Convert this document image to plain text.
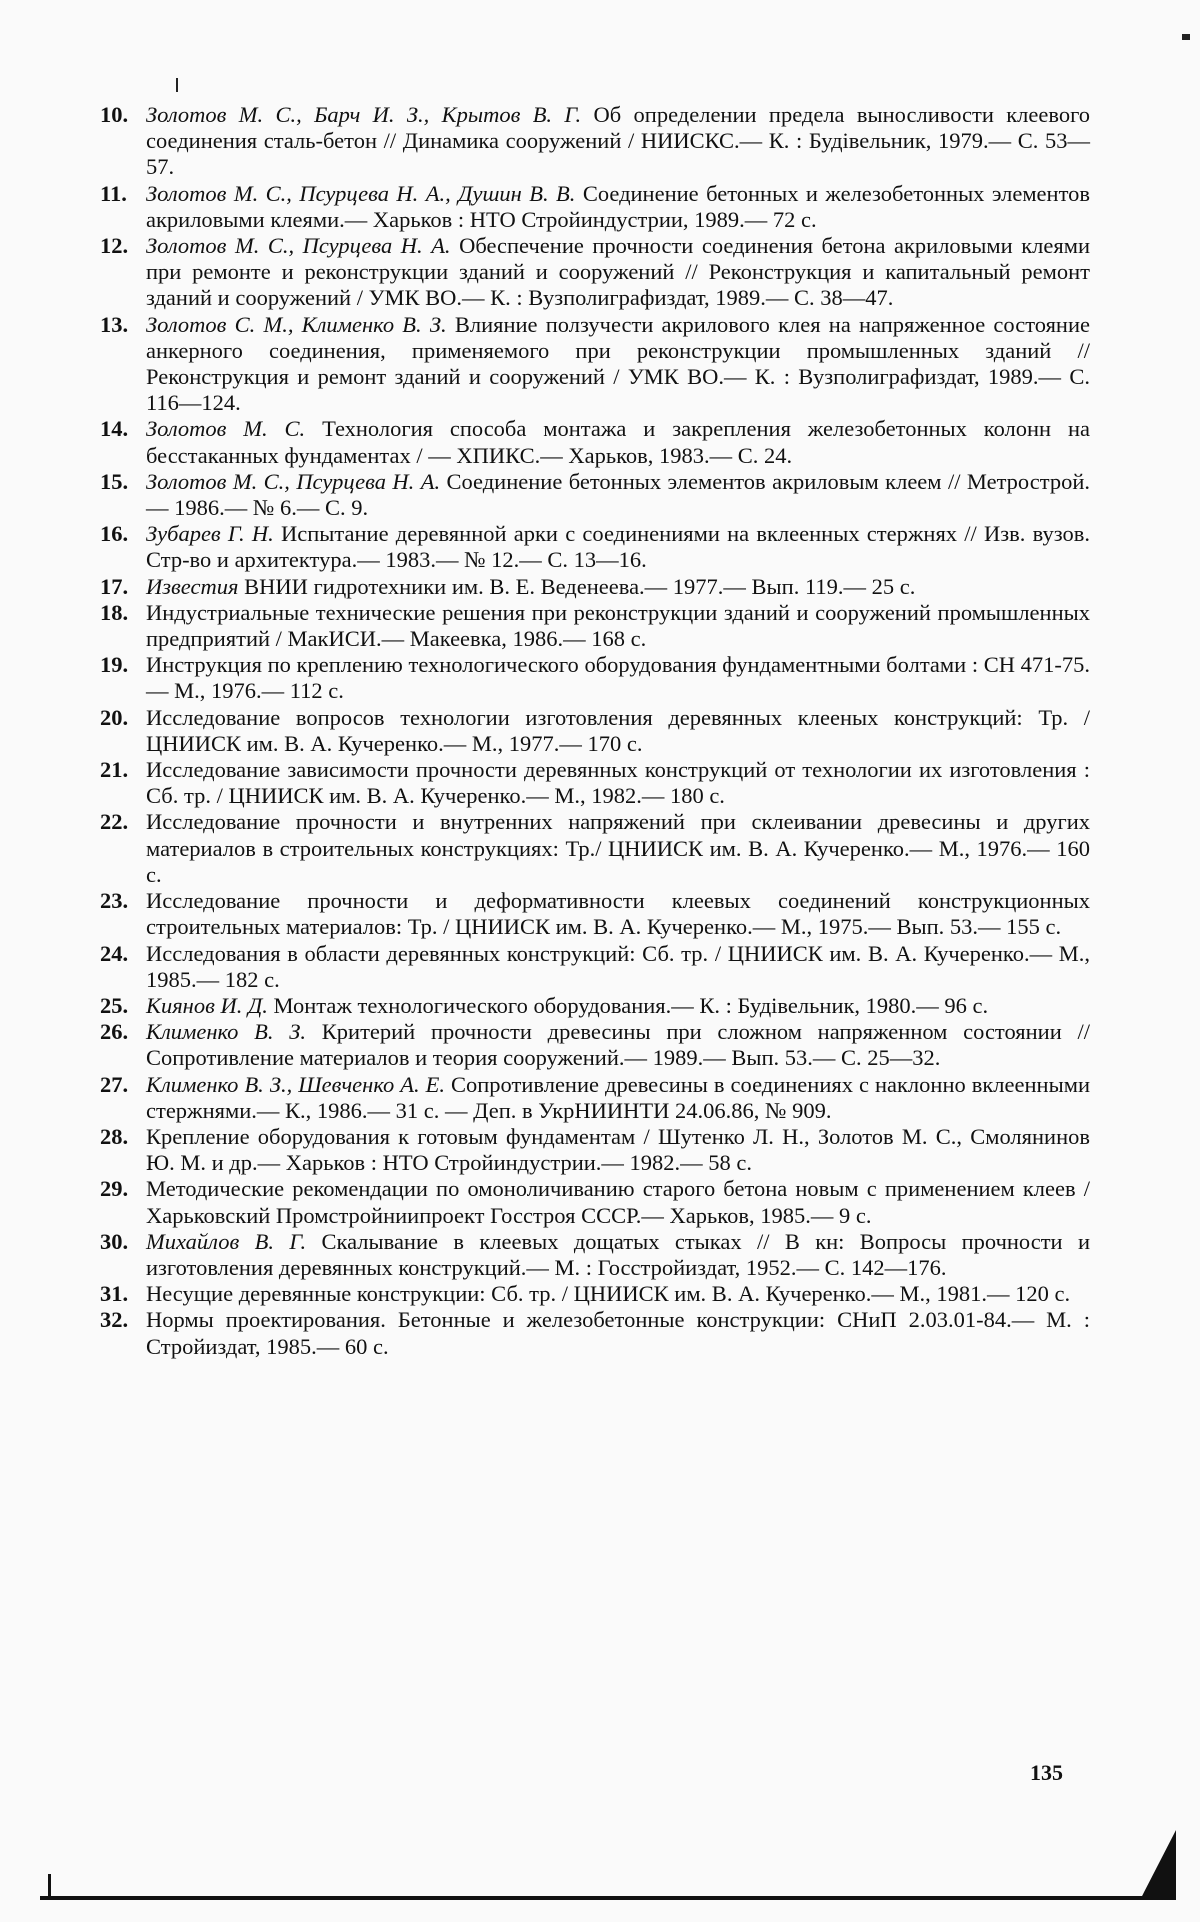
10. Золотов М. С., Барч И. З., Крытов В. Г. Об определении предела выносливости клеевого соединения сталь-бетон // Динамика сооружений / НИИСКС.— К. : Будiвельник, 1979.— С. 53—57.
11. Золотов М. С., Псурцева Н. А., Душин В. В. Соединение бетонных и железобетонных элементов акриловыми клеями.— Харьков : НТО Стройиндустрии, 1989.— 72 с.
12. Золотов М. С., Псурцева Н. А. Обеспечение прочности соединения бетона акриловыми клеями при ремонте и реконструкции зданий и сооружений // Реконструкция и капитальный ремонт зданий и сооружений / УМК ВО.— К. : Вузполиграфиздат, 1989.— С. 38—47.
13. Золотов С. М., Клименко В. З. Влияние ползучести акрилового клея на напряженное состояние анкерного соединения, применяемого при реконструкции промышленных зданий // Реконструкция и ремонт зданий и сооружений / УМК ВО.— К. : Вузполиграфиздат, 1989.— С. 116—124.
14. Золотов М. С. Технология способа монтажа и закрепления железобетонных колонн на бесстаканных фундаментах / — ХПИКС.— Харьков, 1983.— С. 24.
15. Золотов М. С., Псурцева Н. А. Соединение бетонных элементов акриловым клеем // Метрострой.— 1986.— № 6.— С. 9.
16. Зубарев Г. Н. Испытание деревянной арки с соединениями на вклеенных стержнях // Изв. вузов. Стр-во и архитектура.— 1983.— № 12.— С. 13—16.
17. Известия ВНИИ гидротехники им. В. Е. Веденеева.— 1977.— Вып. 119.— 25 с.
18. Индустриальные технические решения при реконструкции зданий и сооружений промышленных предприятий / МакИСИ.— Макеевка, 1986.— 168 с.
19. Инструкция по креплению технологического оборудования фундаментными болтами : СН 471-75.— М., 1976.— 112 с.
20. Исследование вопросов технологии изготовления деревянных клееных конструкций: Тр. / ЦНИИСК им. В. А. Кучеренко.— М., 1977.— 170 с.
21. Исследование зависимости прочности деревянных конструкций от технологии их изготовления : Сб. тр. / ЦНИИСК им. В. А. Кучеренко.— М., 1982.— 180 с.
22. Исследование прочности и внутренних напряжений при склеивании древесины и других материалов в строительных конструкциях: Тр./ ЦНИИСК им. В. А. Кучеренко.— М., 1976.— 160 с.
23. Исследование прочности и деформативности клеевых соединений конструкционных строительных материалов: Тр. / ЦНИИСК им. В. А. Кучеренко.— М., 1975.— Вып. 53.— 155 с.
24. Исследования в области деревянных конструкций: Сб. тр. / ЦНИИСК им. В. А. Кучеренко.— М., 1985.— 182 с.
25. Киянов И. Д. Монтаж технологического оборудования.— К. : Будiвельник, 1980.— 96 с.
26. Клименко В. З. Критерий прочности древесины при сложном напряженном состоянии // Сопротивление материалов и теория сооружений.— 1989.— Вып. 53.— С. 25—32.
27. Клименко В. З., Шевченко А. Е. Сопротивление древесины в соединениях с наклонно вклеенными стержнями.— К., 1986.— 31 с. — Деп. в УкрНИИНТИ 24.06.86, № 909.
28. Крепление оборудования к готовым фундаментам / Шутенко Л. Н., Золотов М. С., Смолянинов Ю. М. и др.— Харьков : НТО Стройиндустрии.— 1982.— 58 с.
29. Методические рекомендации по омоноличиванию старого бетона новым с применением клеев / Харьковский Промстройниипроект Госстроя СССР.— Харьков, 1985.— 9 с.
30. Михайлов В. Г. Скалывание в клеевых дощатых стыках // В кн: Вопросы прочности и изготовления деревянных конструкций.— М. : Госстройиздат, 1952.— С. 142—176.
31. Несущие деревянные конструкции: Сб. тр. / ЦНИИСК им. В. А. Кучеренко.— М., 1981.— 120 с.
32. Нормы проектирования. Бетонные и железобетонные конструкции: СНиП 2.03.01-84.— М. : Стройиздат, 1985.— 60 с.
135
